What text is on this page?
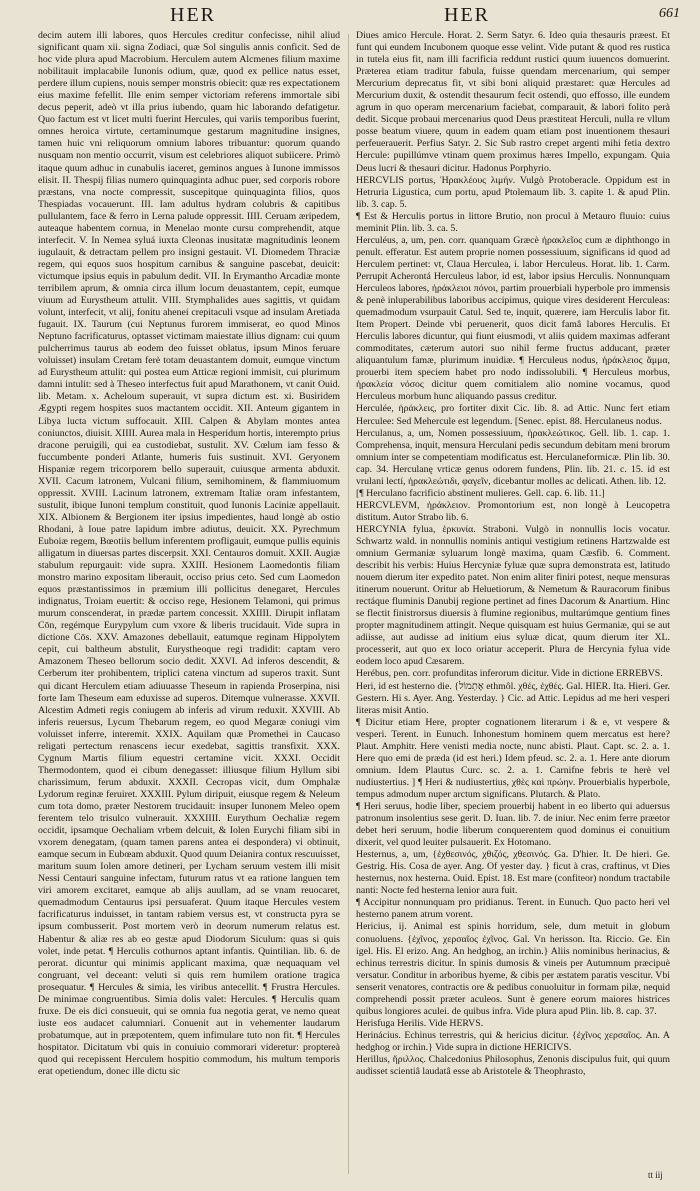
HER	HER	661

decim autem illi labores, quos Hercules creditur confecisse, nihil aliud significant quam xii. signa Zodiaci, quæ Sol singulis annis conficit. Sed de hoc vide plura apud Macrobium. Herculem autem Alcmenes filium maxime nobilitauit implacabile Iunonis odium, quæ, quod ex pellice natus esset, perdere illum cupiens, nouis semper monstris obiecit: quæ res expectationem eius maxime fefellit. Ille enim semper victoriam referens immortale sibi decus peperit, adeò vt illa prius iubendo, quam hic laborando defatigetur. Quo factum est vt licet multi fuerint Hercules, qui variis temporibus fuerint, omnes heroica virtute, certaminumque gestarum magnitudine insignes, tamen huic vni reliquorum omnium labores tribuantur: quorum quando nusquam non mentio occurrit, visum est celebriores aliquot subiicere. Primò itaque quum adhuc in cunabulis iaceret, geminos angues à Iunone immissos elisit. II. Thespij filias numero quinquaginta adhuc puer, sed corporis robore præstans, vna nocte compressit, suscepitque quinquaginta filios, quos Thespiadas vocauerunt. III. Iam adultus hydram colubris & capitibus pullulantem, face & ferro in Lerna palude oppressit. IIII. Ceruam æripedem, auteaque habentem cornua, in Menelao monte cursu comprehendit, atque interfecit. V. In Nemea syluá iuxta Cleonas inusitatæ magnitudinis leonem iugulauit, & detractam pellem pro insigni gestauit. VI. Diomedem Thraciæ regem, qui equos suos hospitum carnibus & sanguine pascebat, deuicit: victumque ipsius equis in pabulum dedit. VII. In Erymantho Arcadiæ monte terribilem aprum, & omnia circa illum locum deuastantem, cepit, eumque viuum ad Eurystheum attulit. VIII. Stymphalides aues sagittis, vt quidam volunt, interfecit, vt alij, fonitu aheneí crepitaculi vsque ad insulam Aretiada fugauit. IX. Taurum (cui Neptunus furorem immiserat, eo quod Minos Neptuno facrificaturus, optasset victimam maiestate illius dignam: cui quum pulcherrimus taurus ab eodem deo fuisset oblatus, ipsum Minos feruare voluisset) insulam Cretam ferè totam deuastantem domuit, eumque vinctum ad Eurystheum attulit: qui postea eum Atticæ regioni immisit, cui plurimum damni intulit: sed à Theseo interfectus fuit apud Marathonem, vt canit Ouid. lib. Metam. x. Acheloum superauit, vt supra dictum est. xi. Busiridem Ægypti regem hospites suos mactantem occidit. XII. Anteum gigantem in Libya lucta victum suffocauit. XIII. Calpen & Abylam montes antea coniunctos, diuisit. XIIII. Aurea mala in Hesperidum hortis, interempto prius dracone peruigili, qui ea custodiebat, sustulit. XV. Cœlum iam fesso & fuccumbente ponderi Atlante, humeris fuis sustinuit. XVI. Geryonem Hispaniæ regem tricorporem bello superauit, cuiusque armenta abduxit. XVII. Cacum latronem, Vulcani filium, semihominem, & flammiuomum oppressit. XVIII. Lacinum latronem, extremam Italiæ oram infestantem, sustulit, ibique Iunoni templum constituit, quod Iunonis Laciniæ appellauit. XIX. Albionem & Bergionem iter ipsius impedientes, haud longè ab ostio Rhodani, à Ioue patre lapidum imbre adiutus, deuicit. XX. Pyrechmum Euboiæ regem, Bœotiis bellum inferentem profligauit, eumque pullis equinis alligatum in diuersas partes discerpsit. XXI. Centauros domuit. XXII. Augiæ stabulum repurgauit: vide supra. XXIII. Hesionem Laomedontis filiam monstro marino expositam liberauit, occiso prius ceto. Sed cum Laomedon equos præstantissimos in præmium illi pollicitus denegaret, Hercules indignatus, Troiam euertit: & occiso rege, Hesionem Telamoni, qui primus murum conscenderat, in prædæ partem concessit. XXIIII. Dirupit inflatam Cōn, regémque Eurypylum cum vxore & liberis trucidauit. Vide supra in dictione Cōs. XXV. Amazones debellauit, eatumque reginam Hippolytem cepit, cui baltheum abstulit, Eurystheoque regi tradidit: captam vero Amazonem Theseo bellorum socio dedit. XXVI. Ad inferos descendit, & Cerberum iter prohibentem, triplici catena vinctum ad superos traxit. Sunt qui dicant Herculem etiam adiuuasse Theseum in rapienda Proserpina, nisi forte Iam Theseum eam eduxisse ad superos. Ditemque vulnerasse. XXVII. Alcestim Admeti regis coniugem ab inferis ad virum reduxit. XXVIII. Ab inferis reuersus, Lycum Thebarum regem, eo quod Megaræ coniugi vim voluisset inferre, interemit. XXIX. Aquilam quæ Promethei in Caucaso religati pertectum renascens iecur exedebat, sagittis transfixit. XXX. Cygnum Martis filium equestri certamine vicit. XXXI. Occidit Thermodontem, quod ei cibum denegasset: illiusque filium Hyllum sibi charissimum, ferum abduxit. XXXII. Cecropas vicit, dum Omphalæ Lydorum reginæ feruiret. XXXIII. Pylum diripuit, eiusque regem & Neleum cum tota domo, præter Nestorem trucidauit: insuper Iunonem Meleo opem ferentem telo trisulco vulnerauit. XXXIIII. Eurythum Oechaliæ regem occidit, ipsamque Oechaliam vrbem delcuit, & Iolen Eurychi filiam sibi in vxorem denegatam, (quam tamen parens antea ei despondera) vi obtinuit, eamque secum in Eubœam abduxit. Quod quum Deianira contux rescuuisset, maritum suum Iolen amore detineri, per Lycham seruum vestem illi misit Nessi Centauri sanguine infectam, futurum ratus vt ea ratione languen tem viri amorem excitaret, eamque ab alijs auullam, ad se vnam reuocaret, quemadmodum Centaurus ipsi persuaferat. Quum itaque Hercules vestem facrificaturus induisset, in tantam rabiem versus est, vt constructa pyra se ipsum combusserit. Post mortem verò in deorum numerum relatus est. Habentur & aliæ res ab eo gestæ apud Diodorum Siculum: quas si quis volet, inde petat. ¶ Herculis cothurnos aptant infantis. Quintilian. lib. 6. de perorat. dicuntur qui minimis applicant maxima, quæ nequaquam vel congruant, vel deceant: veluti si quis rem humilem oratione tragica prosequatur. ¶ Hercules & simia, les viribus antecellit. ¶ Frustra Hercules. De minimae congruentibus. Simia dolis valet: Hercules. ¶ Herculis quam fruxe. De eis dici consueuit, qui se omnia fua negotia gerat, ve nemo queat iuste eos audacet calumniari. Conuenit aut in vehementer laudarum probatumque, aut in præpotentem, quem infimulare tuto non fit. ¶ Hercules hospitator. Dicitatum vbi quis in conuiuio commorari videretur: proptereà quod qui recepissent Herculem hospitio commodum, his multum temporis erat opetiendum, donec ille dictu sic

Diues amico Hercule. Horat. 2. Serm Satyr. 6. Ideo quia thesauris præest. Et funt qui eundem Incubonem quoque esse velint. Vide putant & quod res rustica in tutela eius fit, nam illi facrificia reddunt rustici quum iuuencos domuerint. Præterea etiam traditur fabula, fuisse quendam mercenarium, qui semper Mercurium deprecatus fit, vt sibi boni aliquid præstaret: quæ Hercules ad Mercurium duxit, & ostendit thesaurum fecit ostendi, quo effosso, ille eundem agrum in quo operam mercenarium faciebat, comparauit, & labori folito perà dedit. Sicque probaui mercenarius quod Deus præstiteat Herculi, nulla re vllum posse beatum viuere, quum in eadem quam etiam post inuentionem thesauri perfeuerauerit. Perfius Satyr. 2. Sic Sub rastro crepet argenti mihi fetia dextro Hercule: pupillúmve vtinam quem proximus hæres Impello, expungam. Quia Deus lucri & thesauri dicitur. Hadonus Porphyrio.

HERCVLIS portus, Ἡρακλέους λιμήν. Vulgò Protoberacle. Oppidum est in Hetruria Ligustica, cum portu, apud Ptolemaum lib. 3. capite 1. & apud Plin. lib. 3. cap. 5.

¶ Est & Herculis portus in littore Brutio, non procul à Metauro fluuio: cuius meminit Plin. lib. 3. ca. 5.

Herculéus, a, um, pen. corr. quanquam Græcè ἡρακλεῖος cum æ diphthongo in penult. efferatur. Est autem proprie nomen possessiuum, significans id quod ad Herculem pertinet: vt, Claua Herculea, i. labor Herculeus. Horat. lib. 1. Carm. Perrupit Acherontá Herculeus labor, id est, labor ipsius Herculis. Nonnunquam Herculeos labores, ἡράκλειοι πόνοι, partim prouerbiali hyperbole pro immensis & penè inluperabilibus laboribus accipimus, quique vires desiderent Herculeas: quemadmodum vsurpauit Catul. Sed te, inquit, quærere, iam Herculis labor fit. Item Propert. Deinde vbi peruenerit, quos dicit famâ labores Herculis. Et Herculis labores dicuntur, qui fiunt eiusmodi, vt aliis quidem maximas adferant commoditates, cæterum autori suo nihil ferme fructus adducant, præter aliquantulum famæ, plurimum inuidiæ. ¶ Herculeus nodus, ἡράκλειος ἅμμα, prouerbi item speciem habet pro nodo indissolubili. ¶ Herculeus morbus, ἡρακλεία νόσος dicitur quem comitialem alio nomine vocamus, quod Herculeus morbum hunc aliquando passus creditur.

Herculée, ἡράκλεις, pro fortiter dixit Cic. lib. 8. ad Attic. Nunc fert etiam Herculee: Sed Mehercule est legendum. [Senec. epist. 88. Herculaneus nodus.

Herculanus, a, um, Nomen possessiuum, ἡρακλεώτικος. Gell. lib. 1. cap. 1. Comprehensa, inquit, mensura Herculani pedis secundum debitam meni brorum omnium inter se competentiam modificatus est. Herculaneformicæ. Plin lib. 30. cap. 34. Herculanę vrticæ genus odorem fundens, Plin. lib. 21. c. 15. id est vrulani lectí, ἡρακλεώτιδι, φαγεῖν, dicebantur molles ac delicati. Athen. lib. 12.

[¶ Herculano facrificio abstinent mulieres. Gell. cap. 6. lib. 11.]

HERCVLEVM, ἡράκλειον. Promontorium est, non longè à Leucopetra distitum. Autor Strabo lib. 6.

HERCYNIA fylua, ἑρκυνία. Straboni. Vulgò in nonnullis locis vocatur. Schwartz wald. in nonnullis nominis antiqui vestigium retinens Hartzwalde est omnium Germaniæ syluarum longè maxima, quam Cæsfib. 6. Comment. describit his verbis: Huius Hercyniæ fyluæ quæ supra demonstrata est, latitudo nouem dierum iter expedito patet. Non enim aliter finiri potest, neque mensuras itinerum nouerunt. Oritur ab Heluetiorum, & Nemetum & Rauracorum finibus rectáque fluminis Danubij regione pertinet ad fines Dacorum & Anartium. Hinc se flectit finistrorsus diuersis à flumine regionibus, multarúmque gentium fines propter magnitudinem attingit. Neque quisquam est huius Germaniæ, qui se aut adiisse, aut audisse ad initium eius syluæ dicat, quum dierum iter XL. processerit, aut quo ex loco oriatur acceperit. Plura de Hercynia fylua vide eodem loco apud Cæsarem.

Herébus, pen. corr. profunditas inferorum dicitur. Vide in dictione ERREBVS.

Heri, id est hesterno die. {אֶתְמוֹל ethmôl. χθές, ἐχθές. Gal. HIER. Ita. Hieri. Ger. Gestern. Hi s. Ayer. Ang. Yesterday. } Cic. ad Attic. Lepidus ad me heri vesperi literas misit Antio.

¶ Dicitur etiam Here, propter cognationem literarum i & e, vt vespere & vesperi. Terent. in Eunuch. Inhonestum hominem quem mercatus est here? Plaut. Amphitr. Here venisti media nocte, nunc abisti. Plaut. Capt. sc. 2. a. 1. Here quo emi de præda (id est heri.) Idem pfeud. sc. 2. a. 1. Here ante diorum omnium. Idem Plautus Curc. sc. 2. a. 1. Carnifne febris te herè vel nudiustertius. ] ¶ Heri & nudiustertius, χθὲς καὶ πρώην. Prouerbialis hyperbole, tempus admodum nuper arctum significans. Plutarch. & Plato.

¶ Heri seruus, hodie liber, speciem prouerbij habent in eo liberto qui aduersus patronum insolentius sese gerit. D. Iuan. lib. 7. de iniur. Nec enim ferre præetor debet heri seruum, hodie liberum conquerentem quod dominus ei conuitium dixerit, vel quod leuiter pulsauerit. Ex Hotomano.

Hesternus, a, um, {ἐχθεσινός, χθιζός, χθεσινός. Ga. D'hier. It. De hieri. Ge. Gestrig. His. Cosa de ayer. Ang. Of yester day. } ficut à cras, craftinus, vt Dies hesternus, nox hesterna. Ouid. Epist. 18. Est mare (confiteor) nondum tractabile nanti: Nocte fed hesterna lenior aura fuit.

¶ Accipitur nonnunquam pro pridianus. Terent. in Eunuch. Quo pacto heri vel hesterno panem atrum vorent.

Hericius, ij. Animal est spinis horridum, sele, dum metuit in globum conuoluens. {ἐχῖνος, χερσαῖος ἐχῖνος. Gal. Vn herisson. Ita. Riccio. Ge. Ein igel. His. El erizo. Ang. An hedghog, an irchin.} Aliis nominibus herinacius, & echinus terrestris dicitur. In spinis dumosis & vineis per Autumnum præcipuè versatur. Conditur in arboribus hyeme, & cibis per æstatem paratis vescitur. Vbi senserit venatores, contractis ore & pedibus conuoluitur in formam pilæ, nequid comprehendi possit præter aculeos. Sunt è genere eorum maiores histrices quibus longiores aculei. de quibus infra. Vide plura apud Plin. lib. 8. cap. 37.

Herisfuga Herilis. Vide HERVS.

Herinácius. Echinus terrestris, qui & hericius dicitur. {ἐχῖνος χερσαῖος. An. A hedghog or irchin.} Vide supra in dictione HERICIVS.

Herillus, ἥριλλος. Chalcedonius Philosophus, Zenonis discipulus fuit, qui quum audisset scientiâ laudatâ esse ab Aristotele & Theophrasto,

tt iij
